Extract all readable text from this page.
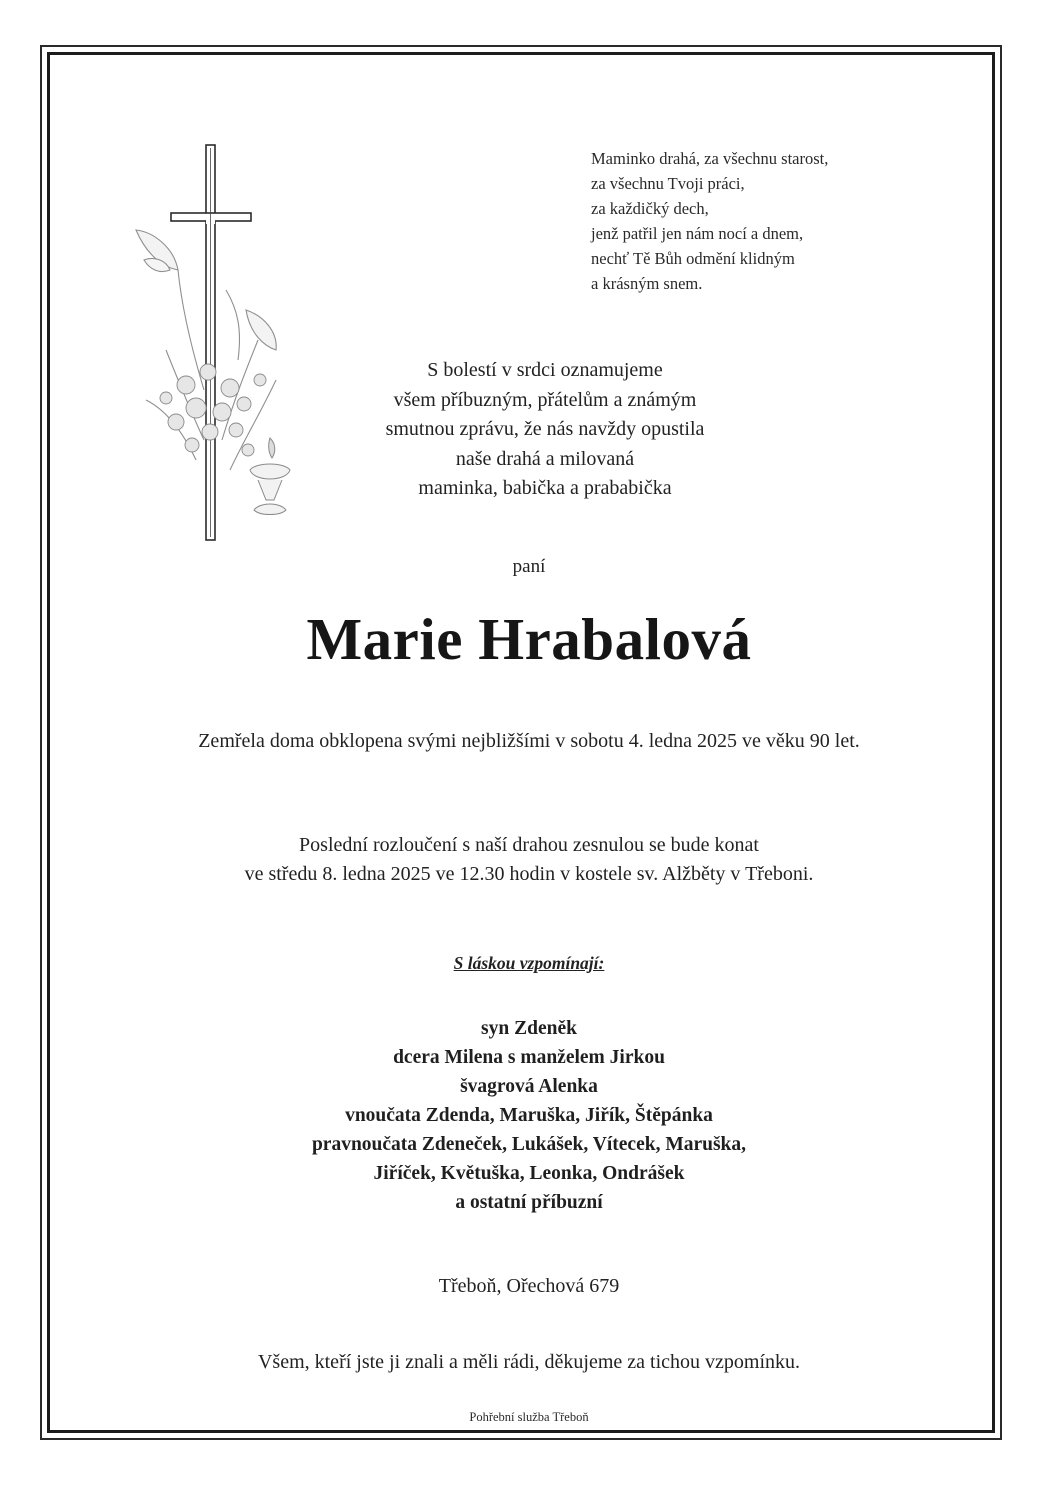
Maminko drahá, za všechnu starost,
za všechnu Tvoji práci,
za každičký dech,
jenž patřil jen nám nocí a dnem,
nechť Tě Bůh odmění klidným
a krásným snem.
S bolestí v srdci oznamujeme
všem příbuzným, přátelům a známým
smutnou zprávu, že nás navždy opustila
naše drahá a milovaná
maminka, babička a prababička
paní
Marie Hrabalová
Zemřela doma obklopena svými nejbližšími v sobotu 4. ledna 2025 ve věku 90 let.
Poslední rozloučení s naší drahou zesnulou se bude konat
ve středu 8. ledna 2025 ve 12.30 hodin v kostele sv. Alžběty v Třeboni.
S láskou vzpomínají:
syn Zdeněk
dcera Milena s manželem Jirkou
švagrová Alenka
vnoučata Zdenda, Maruška, Jiřík, Štěpánka
pravnoučata Zdeneček, Lukášek, Vítecek, Maruška,
Jiříček, Květuška, Leonka, Ondrášek
a ostatní příbuzní
Třeboň, Ořechová 679
Všem, kteří jste ji znali a měli rádi, děkujeme za tichou vzpomínku.
Pohřební služba Třeboň
